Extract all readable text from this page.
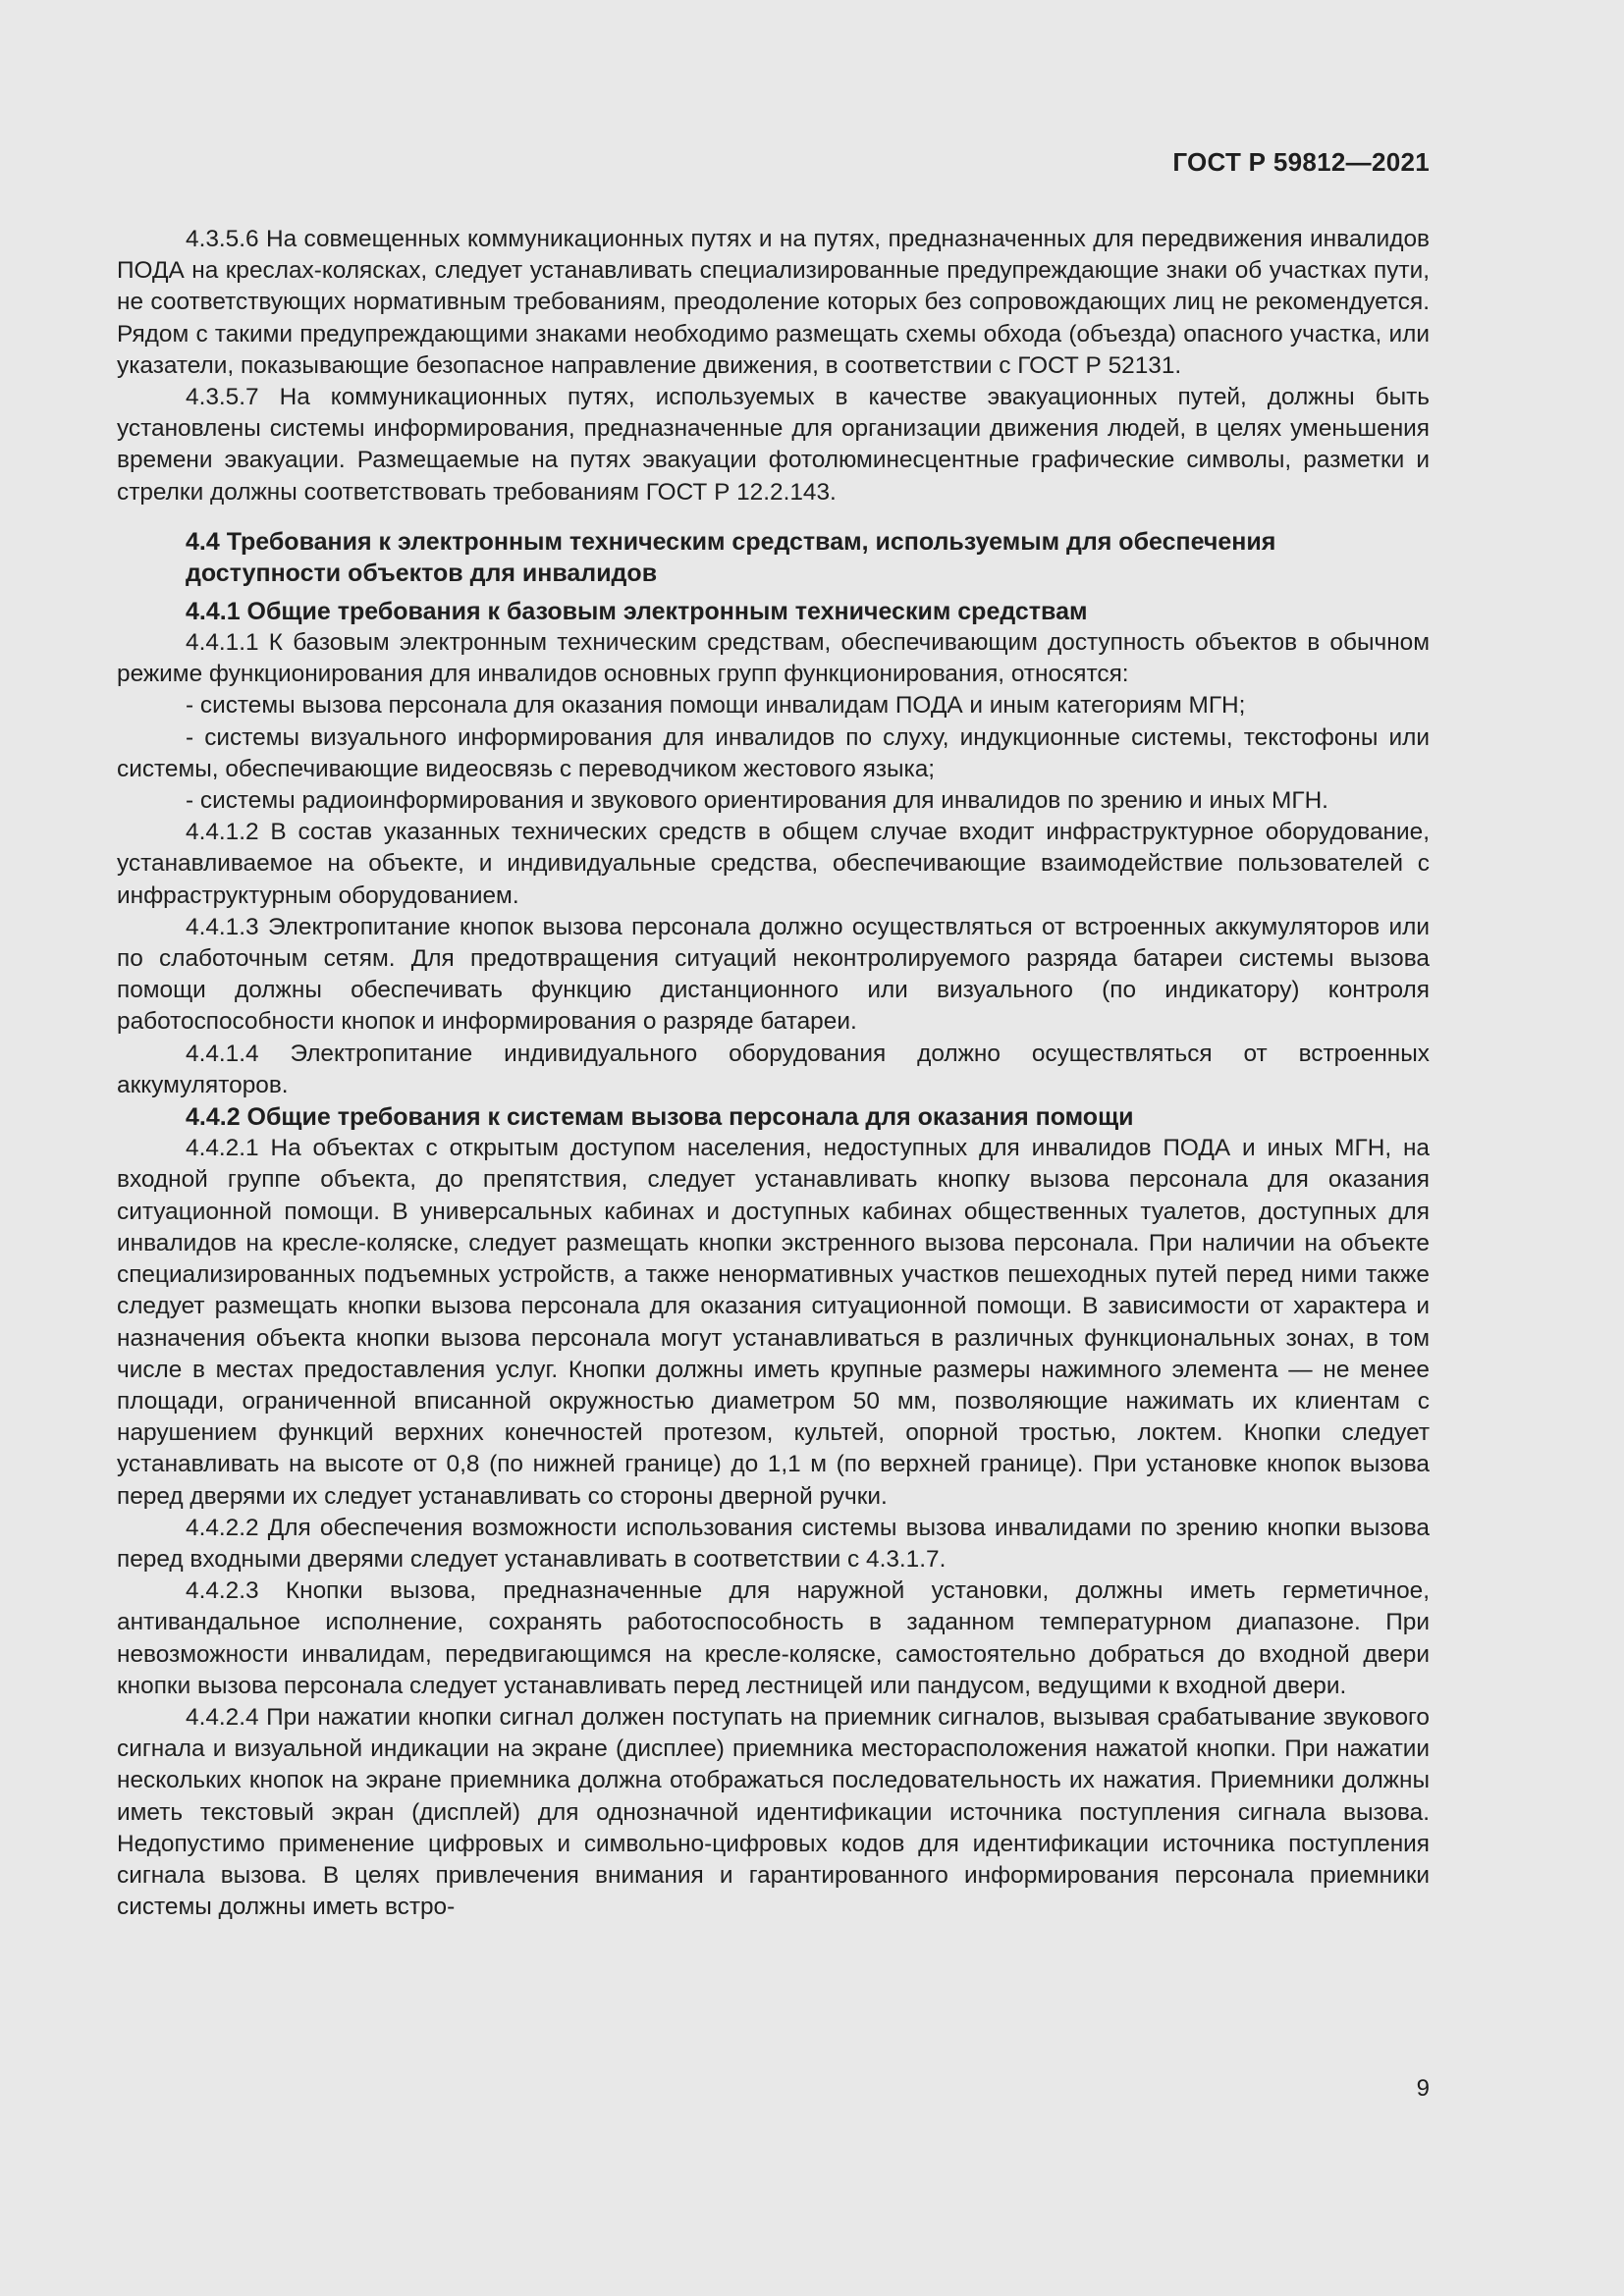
ГОСТ Р 59812—2021

4.3.5.6 На совмещенных коммуникационных путях и на путях, предназначенных для передвижения инвалидов ПОДА на креслах-колясках, следует устанавливать специализированные предупреждающие знаки об участках пути, не соответствующих нормативным требованиям, преодоление которых без сопровождающих лиц не рекомендуется. Рядом с такими предупреждающими знаками необходимо размещать схемы обхода (объезда) опасного участка, или указатели, показывающие безопасное направление движения, в соответствии с ГОСТ Р 52131.

4.3.5.7 На коммуникационных путях, используемых в качестве эвакуационных путей, должны быть установлены системы информирования, предназначенные для организации движения людей, в целях уменьшения времени эвакуации. Размещаемые на путях эвакуации фотолюминесцентные графические символы, разметки и стрелки должны соответствовать требованиям ГОСТ Р 12.2.143.

4.4 Требования к электронным техническим средствам, используемым для обеспечения доступности объектов для инвалидов
4.4.1 Общие требования к базовым электронным техническим средствам

4.4.1.1 К базовым электронным техническим средствам, обеспечивающим доступность объектов в обычном режиме функционирования для инвалидов основных групп функционирования, относятся:

- системы вызова персонала для оказания помощи инвалидам ПОДА и иным категориям МГН;

- системы визуального информирования для инвалидов по слуху, индукционные системы, текстофоны или системы, обеспечивающие видеосвязь с переводчиком жестового языка;

- системы радиоинформирования и звукового ориентирования для инвалидов по зрению и иных МГН.

4.4.1.2 В состав указанных технических средств в общем случае входит инфраструктурное оборудование, устанавливаемое на объекте, и индивидуальные средства, обеспечивающие взаимодействие пользователей с инфраструктурным оборудованием.

4.4.1.3 Электропитание кнопок вызова персонала должно осуществляться от встроенных аккумуляторов или по слаботочным сетям. Для предотвращения ситуаций неконтролируемого разряда батареи системы вызова помощи должны обеспечивать функцию дистанционного или визуального (по индикатору) контроля работоспособности кнопок и информирования о разряде батареи.

4.4.1.4 Электропитание индивидуального оборудования должно осуществляться от встроенных аккумуляторов.

4.4.2 Общие требования к системам вызова персонала для оказания помощи

4.4.2.1 На объектах с открытым доступом населения, недоступных для инвалидов ПОДА и иных МГН, на входной группе объекта, до препятствия, следует устанавливать кнопку вызова персонала для оказания ситуационной помощи. В универсальных кабинах и доступных кабинах общественных туалетов, доступных для инвалидов на кресле-коляске, следует размещать кнопки экстренного вызова персонала. При наличии на объекте специализированных подъемных устройств, а также ненормативных участков пешеходных путей перед ними также следует размещать кнопки вызова персонала для оказания ситуационной помощи. В зависимости от характера и назначения объекта кнопки вызова персонала могут устанавливаться в различных функциональных зонах, в том числе в местах предоставления услуг. Кнопки должны иметь крупные размеры нажимного элемента — не менее площади, ограниченной вписанной окружностью диаметром 50 мм, позволяющие нажимать их клиентам с нарушением функций верхних конечностей протезом, культей, опорной тростью, локтем. Кнопки следует устанавливать на высоте от 0,8 (по нижней границе) до 1,1 м (по верхней границе). При установке кнопок вызова перед дверями их следует устанавливать со стороны дверной ручки.

4.4.2.2 Для обеспечения возможности использования системы вызова инвалидами по зрению кнопки вызова перед входными дверями следует устанавливать в соответствии с 4.3.1.7.

4.4.2.3 Кнопки вызова, предназначенные для наружной установки, должны иметь герметичное, антивандальное исполнение, сохранять работоспособность в заданном температурном диапазоне. При невозможности инвалидам, передвигающимся на кресле-коляске, самостоятельно добраться до входной двери кнопки вызова персонала следует устанавливать перед лестницей или пандусом, ведущими к входной двери.

4.4.2.4 При нажатии кнопки сигнал должен поступать на приемник сигналов, вызывая срабатывание звукового сигнала и визуальной индикации на экране (дисплее) приемника месторасположения нажатой кнопки. При нажатии нескольких кнопок на экране приемника должна отображаться последовательность их нажатия. Приемники должны иметь текстовый экран (дисплей) для однозначной идентификации источника поступления сигнала вызова. Недопустимо применение цифровых и символьно-цифровых кодов для идентификации источника поступления сигнала вызова. В целях привлечения внимания и гарантированного информирования персонала приемники системы должны иметь встро-

9
